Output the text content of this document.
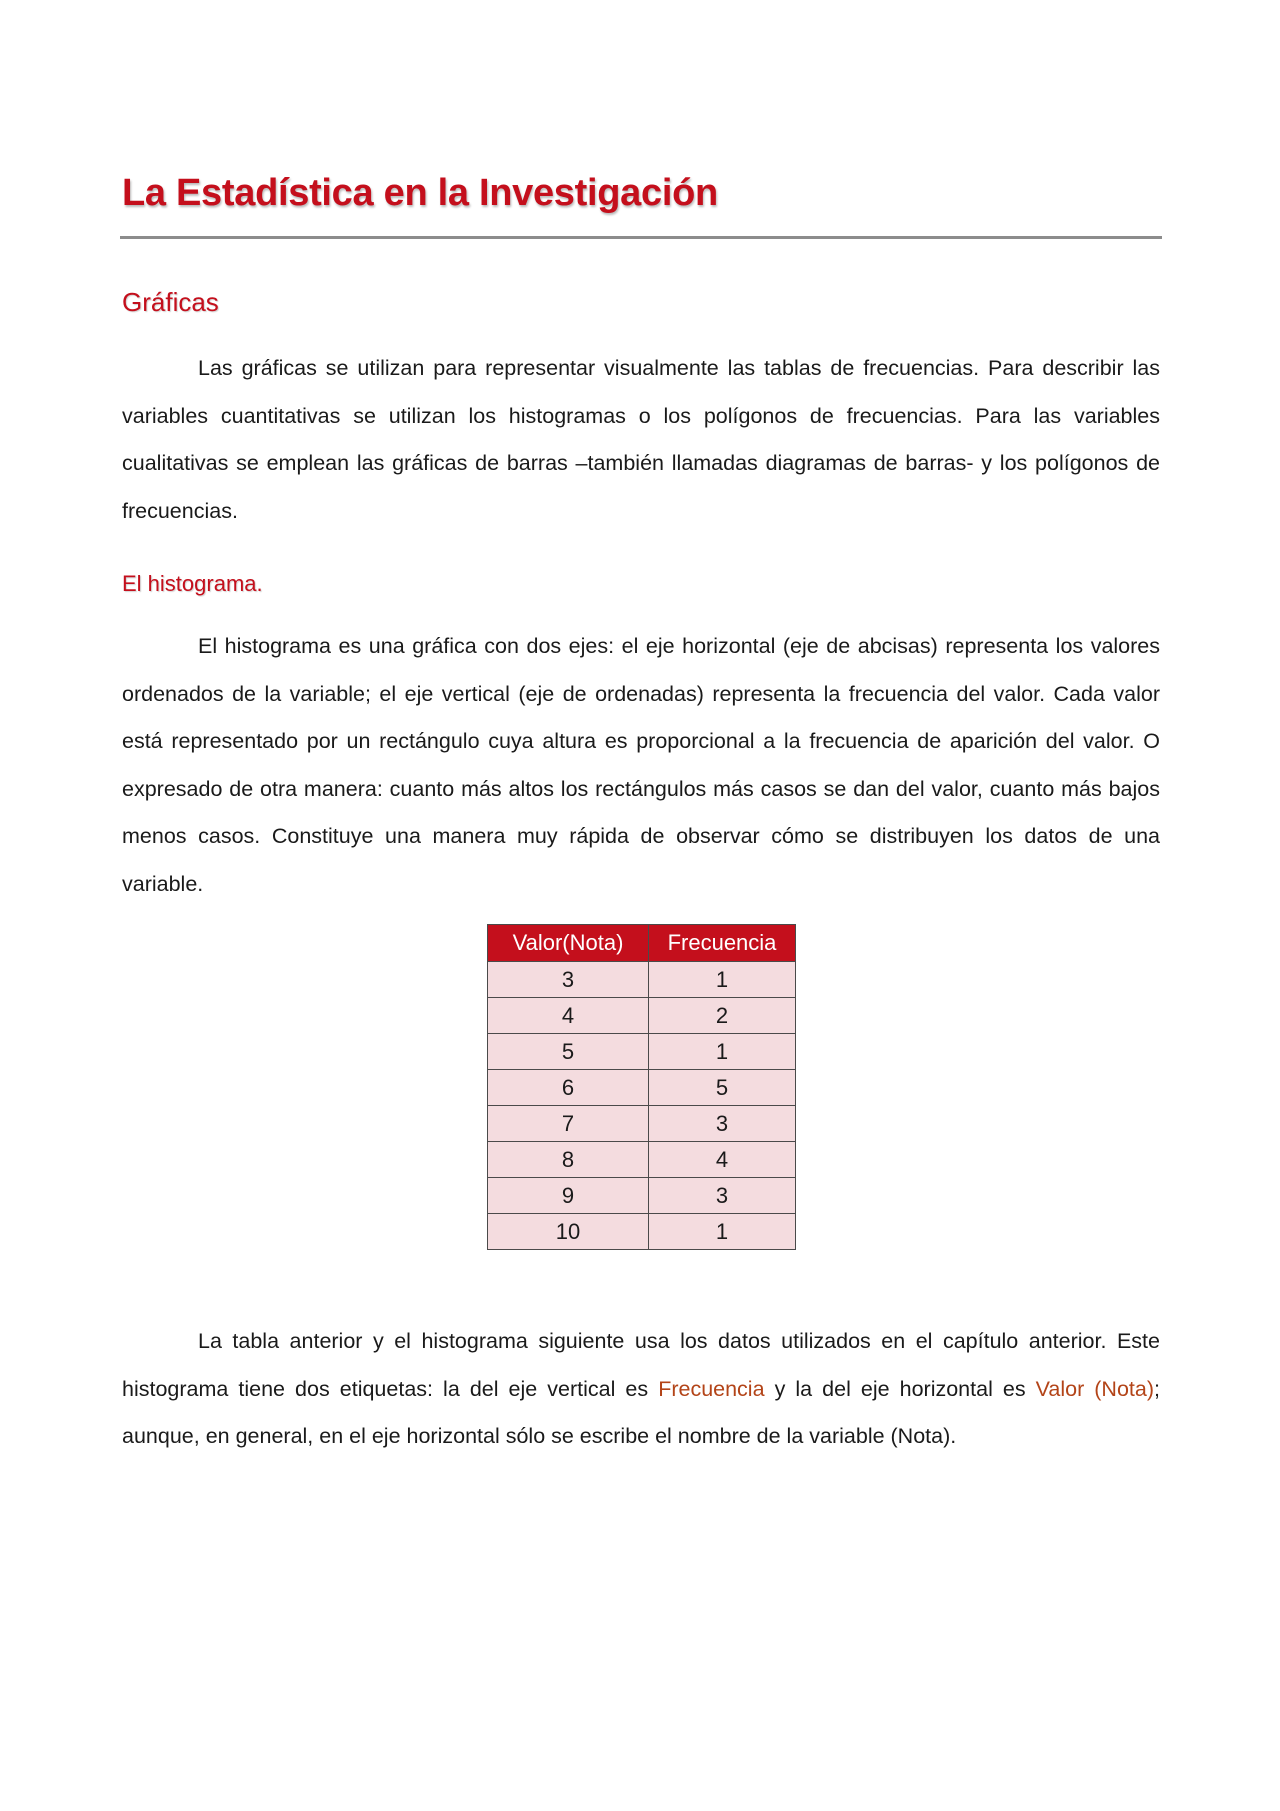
La Estadística en la Investigación
Gráficas

Las gráficas se utilizan para representar visualmente las tablas de frecuencias. Para describir las variables cuantitativas se utilizan los histogramas o los polígonos de frecuencias. Para las variables cualitativas se emplean las gráficas de barras –también llamadas diagramas de barras- y los polígonos de frecuencias.

El histograma.

El histograma es una gráfica con dos ejes: el eje horizontal (eje de abcisas) representa los valores ordenados de la variable; el eje vertical (eje de ordenadas) representa la frecuencia del valor. Cada valor está representado por un rectángulo cuya altura es proporcional a la frecuencia de aparición del valor. O expresado de otra manera: cuanto más altos los rectángulos más casos se dan del valor, cuanto más bajos menos casos. Constituye una manera muy rápida de observar cómo se distribuyen los datos de una variable.

Valor(Nota)	Frecuencia
3	1
4	2
5	1
6	5
7	3
8	4
9	3
10	1

La tabla anterior y el histograma siguiente usa los datos utilizados en el capítulo anterior. Este histograma tiene dos etiquetas: la del eje vertical es Frecuencia y la del eje horizontal es Valor (Nota); aunque, en general, en el eje horizontal sólo se escribe el nombre de la variable (Nota).
